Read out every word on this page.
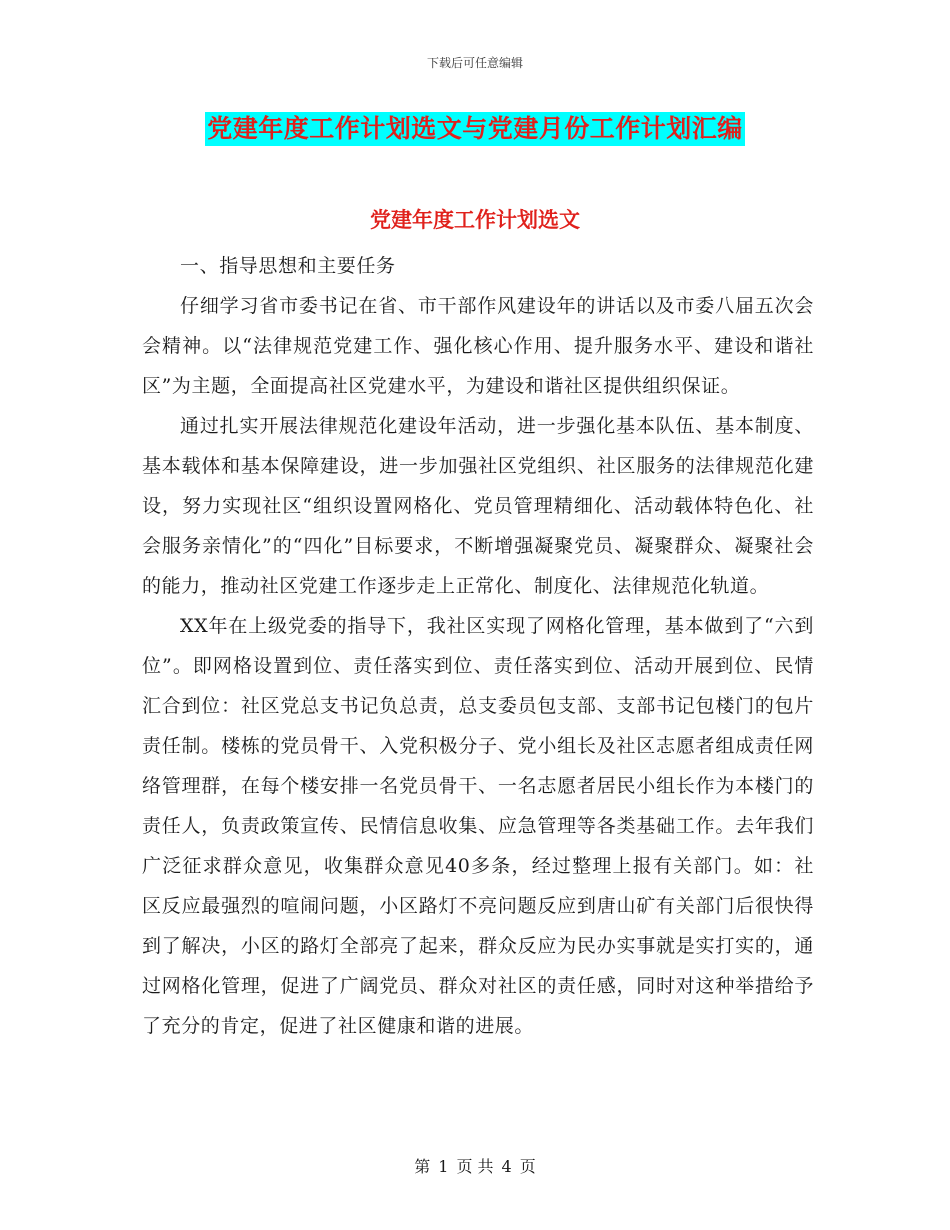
下载后可任意编辑
党建年度工作计划选文与党建月份工作计划汇编
党建年度工作计划选文

一、指导思想和主要任务

仔细学习省市委书记在省、市干部作风建设年的讲话以及市委八届五次会会精神。以“法律规范党建工作、强化核心作用、提升服务水平、建设和谐社区”为主题，全面提高社区党建水平，为建设和谐社区提供组织保证。

通过扎实开展法律规范化建设年活动，进一步强化基本队伍、基本制度、基本载体和基本保障建设，进一步加强社区党组织、社区服务的法律规范化建设，努力实现社区“组织设置网格化、党员管理精细化、活动载体特色化、社会服务亲情化”的“四化”目标要求，不断增强凝聚党员、凝聚群众、凝聚社会的能力，推动社区党建工作逐步走上正常化、制度化、法律规范化轨道。

XX年在上级党委的指导下，我社区实现了网格化管理，基本做到了“六到位”。即网格设置到位、责任落实到位、责任落实到位、活动开展到位、民情汇合到位：社区党总支书记负总责，总支委员包支部、支部书记包楼门的包片责任制。楼栋的党员骨干、入党积极分子、党小组长及社区志愿者组成责任网络管理群，在每个楼安排一名党员骨干、一名志愿者居民小组长作为本楼门的责任人，负责政策宣传、民情信息收集、应急管理等各类基础工作。去年我们广泛征求群众意见，收集群众意见40多条，经过整理上报有关部门。如：社区反应最强烈的喧闹问题，小区路灯不亮问题反应到唐山矿有关部门后很快得到了解决，小区的路灯全部亮了起来，群众反应为民办实事就是实打实的，通过网格化管理，促进了广阔党员、群众对社区的责任感，同时对这种举措给予了充分的肯定，促进了社区健康和谐的进展。

第 1 页 共 4 页
